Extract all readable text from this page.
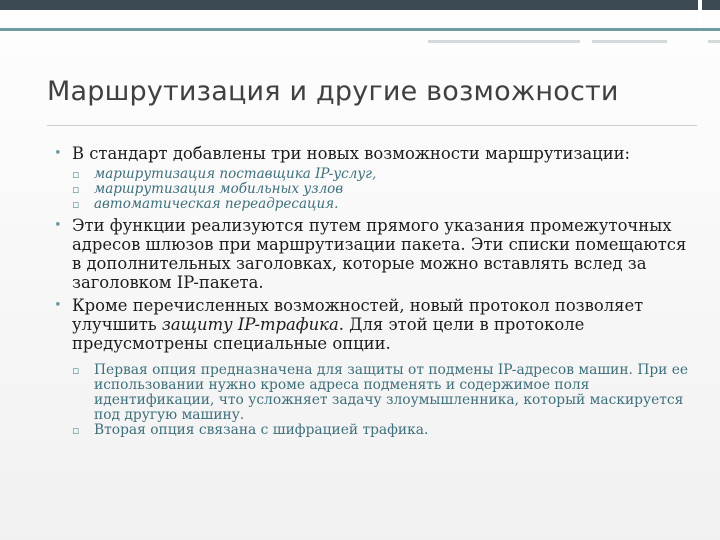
Маршрутизация и другие возможности
• В стандарт добавлены три новых возможности маршрутизации:
▫ маршрутизация поставщика IP-услуг,
▫ маршрутизация мобильных узлов
▫ автоматическая переадресация.
• Эти функции реализуются путем прямого указания промежуточных адресов шлюзов при маршрутизации пакета. Эти списки помещаются в дополнительных заголовках, которые можно вставлять вслед за заголовком IP-пакета.
• Кроме перечисленных возможностей, новый протокол позволяет улучшить защиту IP-трафика. Для этой цели в протоколе предусмотрены специальные опции.
▫ Первая опция предназначена для защиты от подмены IP-адресов машин. При ее использовании нужно кроме адреса подменять и содержимое поля идентификации, что усложняет задачу злоумышленника, который маскируется под другую машину.
▫ Вторая опция связана с шифрацией трафика.
